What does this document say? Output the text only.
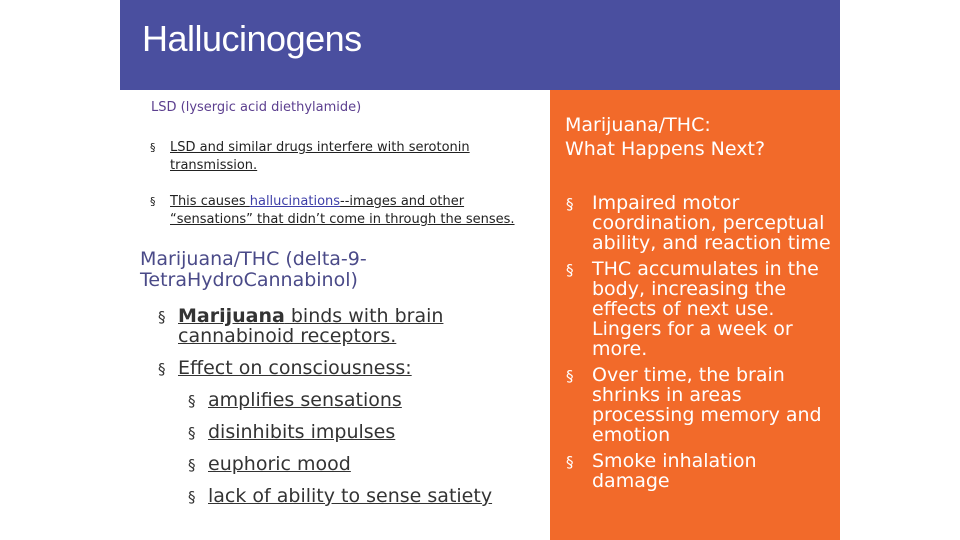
Hallucinogens
LSD (lysergic acid diethylamide)
§ LSD and similar drugs interfere with serotonin transmission.
§ This causes hallucinations--images and other “sensations” that didn’t come in through the senses.
Marijuana/THC (delta-9-TetraHydroCannabinol)
§ Marijuana binds with brain cannabinoid receptors.
§ Effect on consciousness:
§ amplifies sensations
§ disinhibits impulses
§ euphoric mood
§ lack of ability to sense satiety
Marijuana/THC:
What Happens Next?
§ Impaired motor coordination, perceptual ability, and reaction time
§ THC accumulates in the body, increasing the effects of next use. Lingers for a week or more.
§ Over time, the brain shrinks in areas processing memory and emotion
§ Smoke inhalation damage
